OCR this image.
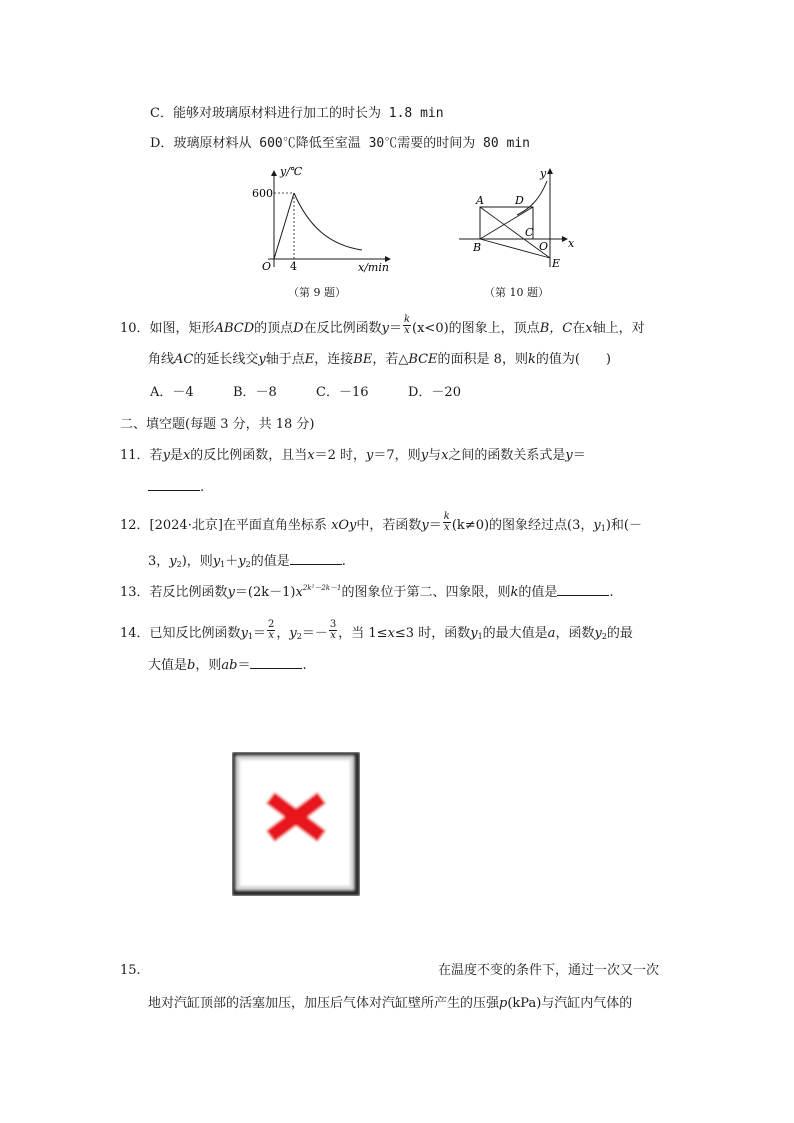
C．能够对玻璃原材料进行加工的时长为 1.8 min
D．玻璃原材料从 600℃降低至室温 30℃需要的时间为 80 min
y/℃
600
O 4	x/min
（第 9 题）
y
A	D
C
B	O x
E
（第 10 题）
10．如图，矩形ABCD的顶点D在反比例函数$y= \frac{k}{x} (x<0)$的图象上，顶点B，C在x轴上，对
角线AC的延长线交y轴于点E，连接BE，若△BCE的面积是 8，则k的值为(　　)
A．－4	B．－8	C．－16	D．－20
二、填空题(每题 3 分，共 18 分)
11．若y是x的反比例函数，且当x＝2 时，y＝7，则y与x之间的函数关系式是y＝
.
12．[2024·北京]在平面直角坐标系 xOy中，若函数$y= \frac{k}{x} (k\ne 0)$的图象经过点(3，$y_1$)和(－
3，$y_2$)，则$y_1+y_2$的值是	.
13．若反比例函数$y=(2k-1)x^{2k^2-2k-1}$的图象位于第二、四象限，则k的值是	.
14．已知反比例函数$y_1= \frac{2}{x}$ ，$y_2=- \frac{3}{x}$ ，当 1≤x≤3 时，函数$y_1$的最大值是a，函数$y_2$的最
大值是b，则ab＝	.
15.	在温度不变的条件下，通过一次又一次
地对汽缸顶部的活塞加压，加压后气体对汽缸壁所产生的压强p(kPa)与汽缸内气体的
